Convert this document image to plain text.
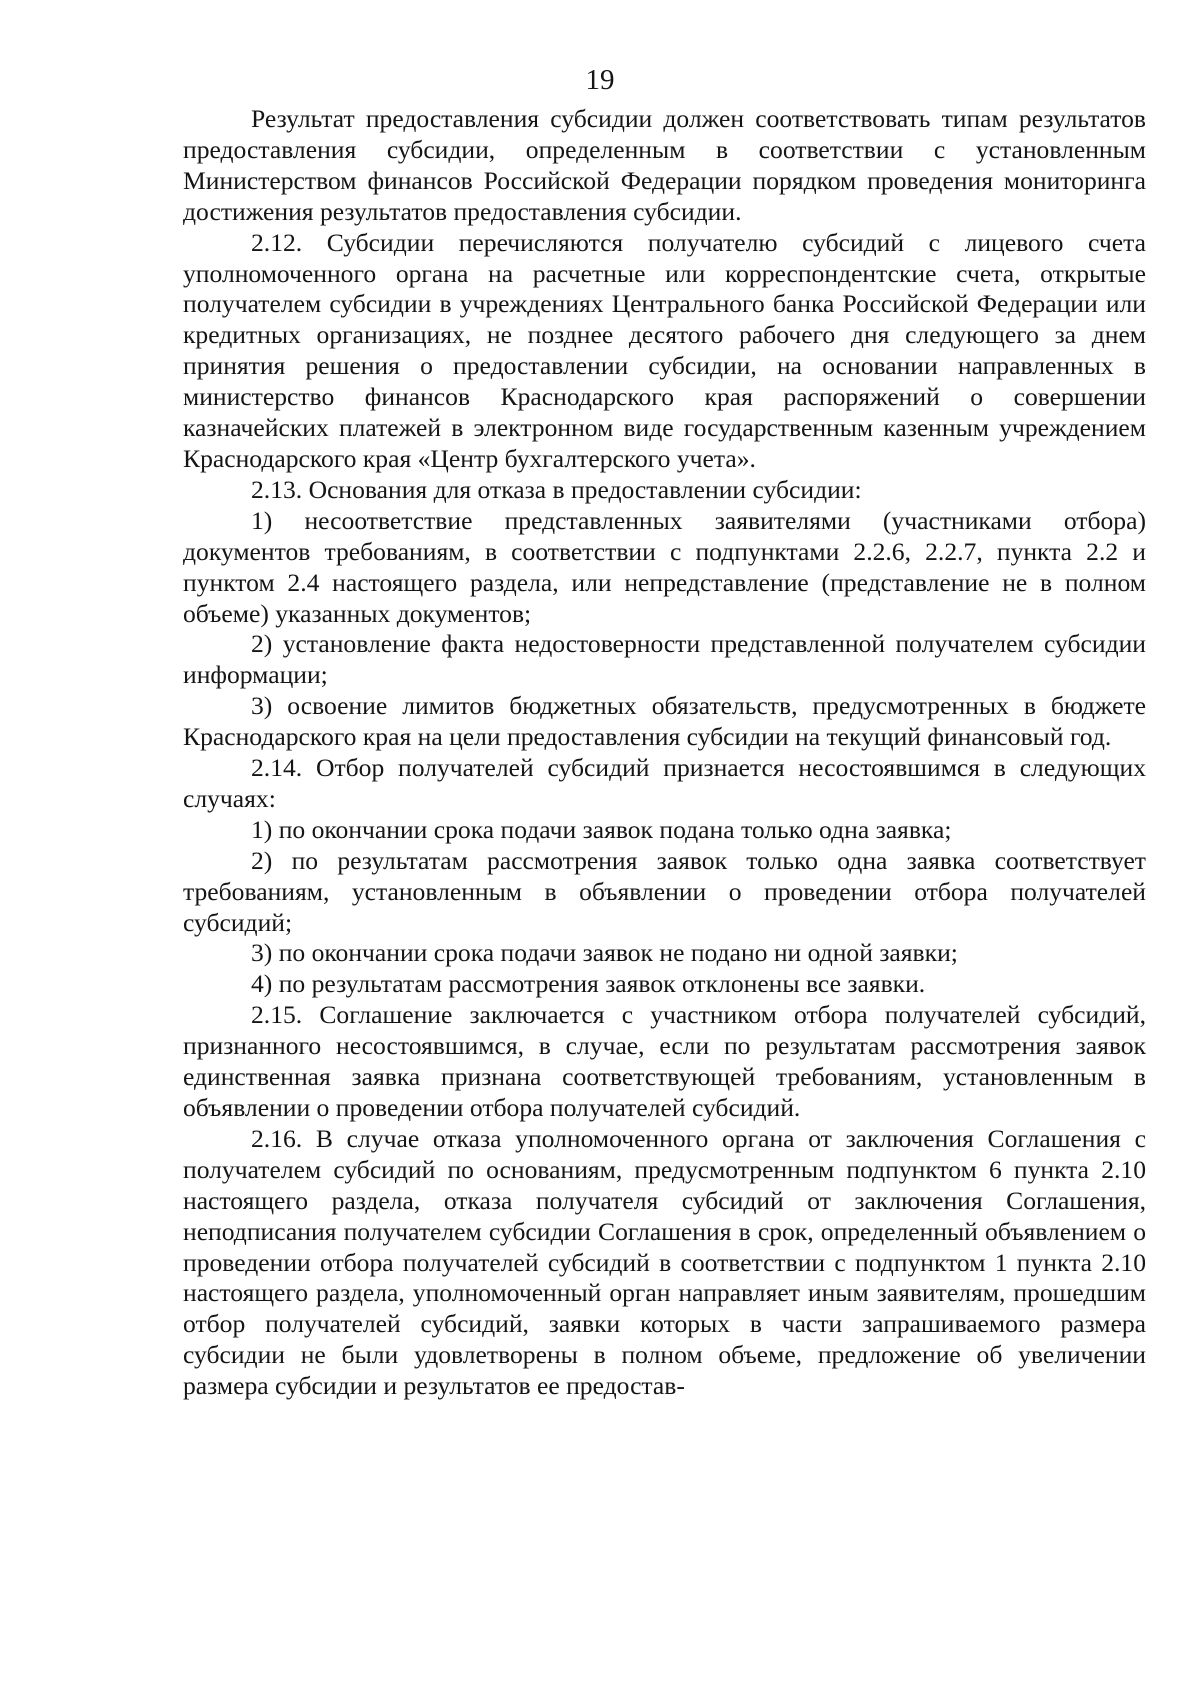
19

Результат предоставления субсидии должен соответствовать типам результатов предоставления субсидии, определенным в соответствии с установленным Министерством финансов Российской Федерации порядком проведения мониторинга достижения результатов предоставления субсидии.

2.12. Субсидии перечисляются получателю субсидий с лицевого счета уполномоченного органа на расчетные или корреспондентские счета, открытые получателем субсидии в учреждениях Центрального банка Российской Федерации или кредитных организациях, не позднее десятого рабочего дня следующего за днем принятия решения о предоставлении субсидии, на основании направленных в министерство финансов Краснодарского края распоряжений о совершении казначейских платежей в электронном виде государственным казенным учреждением Краснодарского края «Центр бухгалтерского учета».

2.13. Основания для отказа в предоставлении субсидии:

1) несоответствие представленных заявителями (участниками отбора) документов требованиям, в соответствии с подпунктами 2.2.6, 2.2.7, пункта 2.2 и пунктом 2.4 настоящего раздела, или непредставление (представление не в полном объеме) указанных документов;

2) установление факта недостоверности представленной получателем субсидии информации;

3) освоение лимитов бюджетных обязательств, предусмотренных в бюджете Краснодарского края на цели предоставления субсидии на текущий финансовый год.

2.14. Отбор получателей субсидий признается несостоявшимся в следующих случаях:

1) по окончании срока подачи заявок подана только одна заявка;

2) по результатам рассмотрения заявок только одна заявка соответствует требованиям, установленным в объявлении о проведении отбора получателей субсидий;

3) по окончании срока подачи заявок не подано ни одной заявки;

4) по результатам рассмотрения заявок отклонены все заявки.

2.15. Соглашение заключается с участником отбора получателей субсидий, признанного несостоявшимся, в случае, если по результатам рассмотрения заявок единственная заявка признана соответствующей требованиям, установленным в объявлении о проведении отбора получателей субсидий.

2.16. В случае отказа уполномоченного органа от заключения Соглашения с получателем субсидий по основаниям, предусмотренным подпунктом 6 пункта 2.10 настоящего раздела, отказа получателя субсидий от заключения Соглашения, неподписания получателем субсидии Соглашения в срок, определенный объявлением о проведении отбора получателей субсидий в соответствии с подпунктом 1 пункта 2.10 настоящего раздела, уполномоченный орган направляет иным заявителям, прошедшим отбор получателей субсидий, заявки которых в части запрашиваемого размера субсидии не были удовлетворены в полном объеме, предложение об увеличении размера субсидии и результатов ее предостав-
